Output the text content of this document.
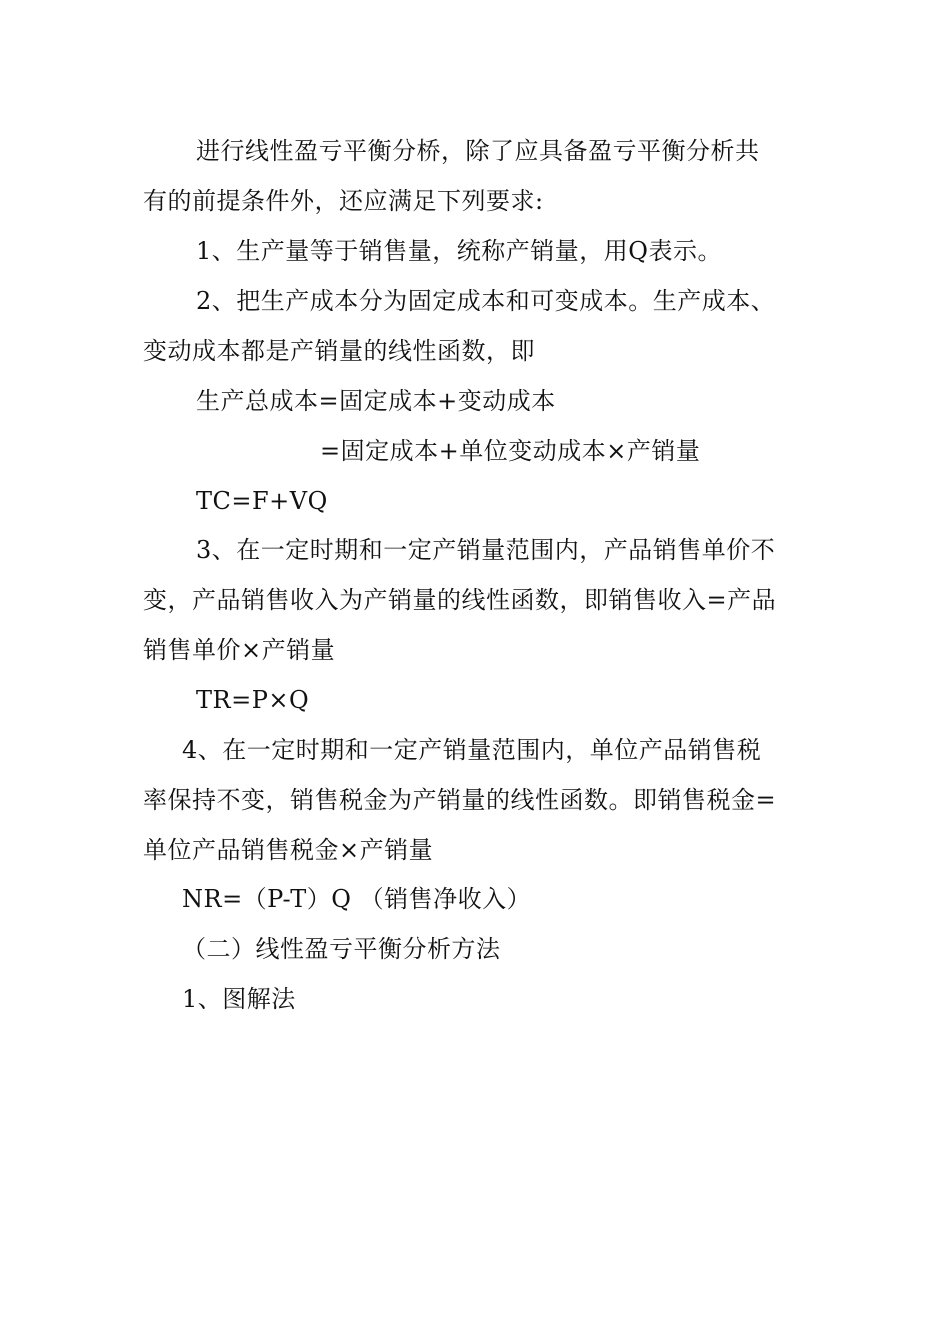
进行线性盈亏平衡分桥，除了应具备盈亏平衡分析共
有的前提条件外，还应满足下列要求:
1、生产量等于销售量，统称产销量，用Q表示。
2、把生产成本分为固定成本和可变成本。生产成本、
变动成本都是产销量的线性函数，即
生产总成本=固定成本+变动成本
=固定成本+单位变动成本×产销量
TC=F+VQ
3、在一定时期和一定产销量范围内，产品销售单价不
变，产品销售收入为产销量的线性函数，即销售收入=产品
销售单价×产销量
TR=P×Q
4、在一定时期和一定产销量范围内，单位产品销售税
率保持不变，销售税金为产销量的线性函数。即销售税金=
单位产品销售税金×产销量
NR=（P-T）Q （销售净收入）
（二）线性盈亏平衡分析方法
1、图解法
